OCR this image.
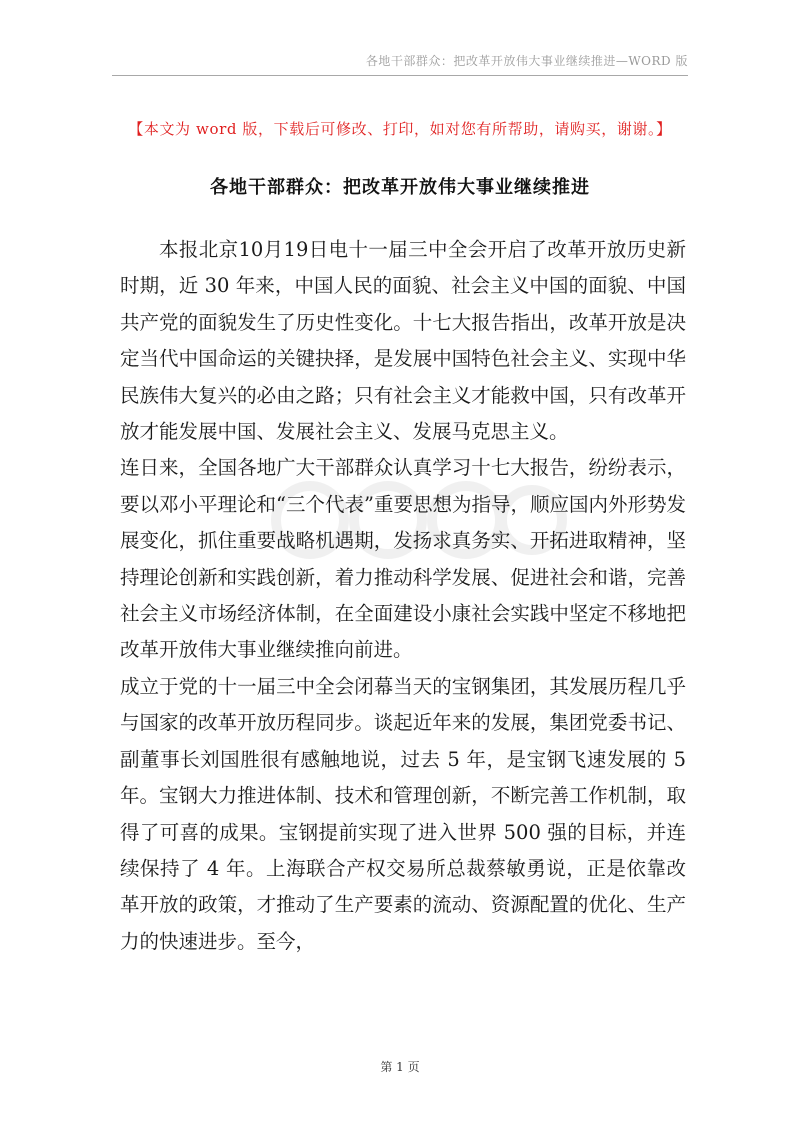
各地干部群众：把改革开放伟大事业继续推进—WORD 版
【本文为 word 版，下载后可修改、打印，如对您有所帮助，请购买，谢谢。】
各地干部群众：把改革开放伟大事业继续推进

本报北京10月19日电十一届三中全会开启了改革开放历史新时期，近 30 年来，中国人民的面貌、社会主义中国的面貌、中国共产党的面貌发生了历史性变化。十七大报告指出，改革开放是决定当代中国命运的关键抉择，是发展中国特色社会主义、实现中华民族伟大复兴的必由之路；只有社会主义才能救中国，只有改革开放才能发展中国、发展社会主义、发展马克思主义。

连日来，全国各地广大干部群众认真学习十七大报告，纷纷表示，要以邓小平理论和“三个代表”重要思想为指导，顺应国内外形势发展变化，抓住重要战略机遇期，发扬求真务实、开拓进取精神，坚持理论创新和实践创新，着力推动科学发展、促进社会和谐，完善社会主义市场经济体制，在全面建设小康社会实践中坚定不移地把改革开放伟大事业继续推向前进。

成立于党的十一届三中全会闭幕当天的宝钢集团，其发展历程几乎与国家的改革开放历程同步。谈起近年来的发展，集团党委书记、副董事长刘国胜很有感触地说，过去 5 年，是宝钢飞速发展的 5 年。宝钢大力推进体制、技术和管理创新，不断完善工作机制，取得了可喜的成果。宝钢提前实现了进入世界 500 强的目标，并连续保持了 4 年。上海联合产权交易所总裁蔡敏勇说，正是依靠改革开放的政策，才推动了生产要素的流动、资源配置的优化、生产力的快速进步。至今，

第 1 页
